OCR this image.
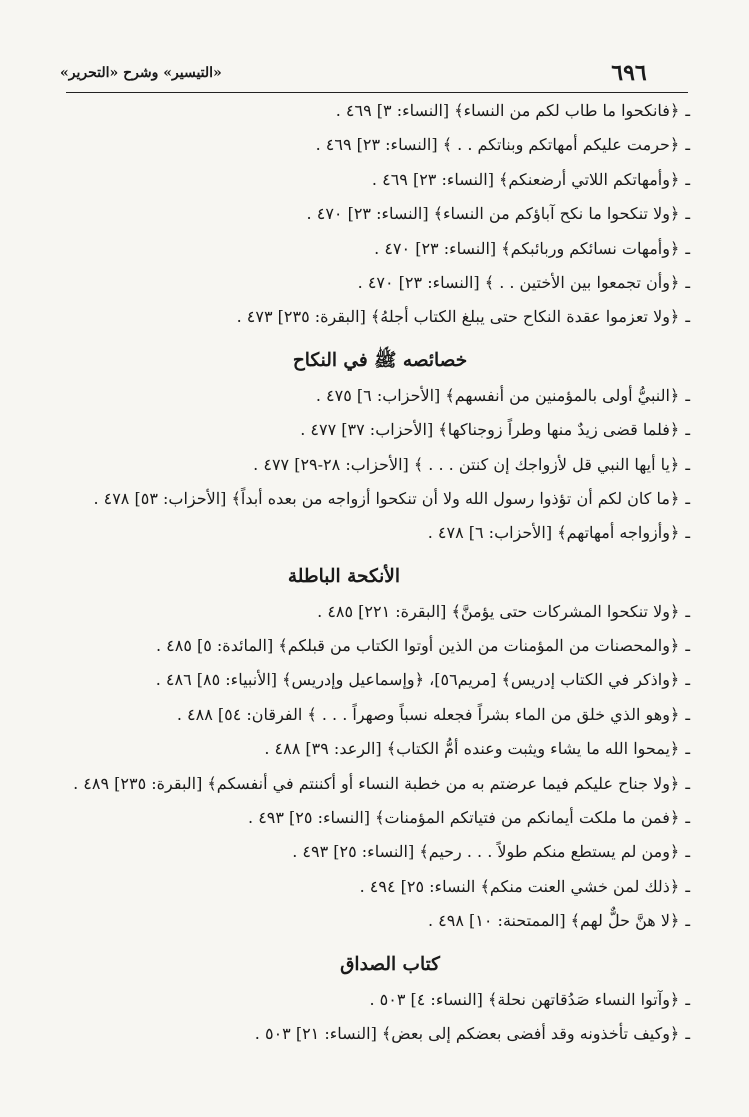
٦٩٦
«التيسير» وشرح «التحرير»
ـ﴿فانكحوا ما طاب لكم من النساء﴾ [النساء: ٣] ٤٦٩ .
ـ﴿حرمت عليكم أمهاتكم وبناتكم . . ﴾ [النساء: ٢٣] ٤٦٩ .
ـ﴿وأمهاتكم اللاتي أرضعنكم﴾ [النساء: ٢٣] ٤٦٩ .
ـ﴿ولا تنكحوا ما نكح آباؤكم من النساء﴾ [النساء: ٢٣] ٤٧٠ .
ـ﴿وأمهات نسائكم وربائبكم﴾ [النساء: ٢٣] ٤٧٠ .
ـ﴿وأن تجمعوا بين الأختين . . ﴾ [النساء: ٢٣] ٤٧٠ .
ـ﴿ولا تعزموا عقدة النكاح حتى يبلغ الكتاب أجلهُ﴾ [البقرة: ٢٣٥] ٤٧٣ .
خصائصه ﷺ في النكاح
ـ﴿النبيُّ أولى بالمؤمنين من أنفسهم﴾ [الأحزاب: ٦] ٤٧٥ .
ـ﴿فلما قضى زيدٌ منها وطراً زوجناكها﴾ [الأحزاب: ٣٧] ٤٧٧ .
ـ﴿يا أيها النبي قل لأزواجك إن كنتن . . . ﴾ [الأحزاب: ٢٨-٢٩] ٤٧٧ .
ـ﴿ما كان لكم أن تؤذوا رسول الله ولا أن تنكحوا أزواجه من بعده أبداً﴾ [الأحزاب: ٥٣] ٤٧٨ .
ـ﴿وأزواجه أمهاتهم﴾ [الأحزاب: ٦] ٤٧٨ .
الأنكحة الباطلة
ـ﴿ولا تنكحوا المشركات حتى يؤمنَّ﴾ [البقرة: ٢٢١] ٤٨٥ .
ـ﴿والمحصنات من المؤمنات من الذين أوتوا الكتاب من قبلكم﴾ [المائدة: ٥] ٤٨٥ .
ـ﴿واذكر في الكتاب إدريس﴾ [مريم٥٦]، ﴿وإسماعيل وإدريس﴾ [الأنبياء: ٨٥] ٤٨٦ .
ـ﴿وهو الذي خلق من الماء بشراً فجعله نسباً وصهراً . . . ﴾ الفرقان: ٥٤] ٤٨٨ .
ـ﴿يمحوا الله ما يشاء ويثبت وعنده أمُّ الكتاب﴾ [الرعد: ٣٩] ٤٨٨ .
ـ﴿ولا جناح عليكم فيما عرضتم به من خطبة النساء أو أكننتم في أنفسكم﴾ [البقرة: ٢٣٥] ٤٨٩ .
ـ﴿فمن ما ملكت أيمانكم من فتياتكم المؤمنات﴾ [النساء: ٢٥] ٤٩٣ .
ـ﴿ومن لم يستطع منكم طولاً . . . رحيم﴾ [النساء: ٢٥] ٤٩٣ .
ـ﴿ذلك لمن خشي العنت منكم﴾ النساء: ٢٥] ٤٩٤ .
ـ﴿لا هنَّ حلٌّ لهم﴾ [الممتحنة: ١٠] ٤٩٨ .
كتاب الصداق
ـ﴿وآتوا النساء صَدُقاتهن نحلة﴾ [النساء: ٤] ٥٠٣ .
ـ﴿وكيف تأخذونه وقد أفضى بعضكم إلى بعض﴾ [النساء: ٢١] ٥٠٣ .
